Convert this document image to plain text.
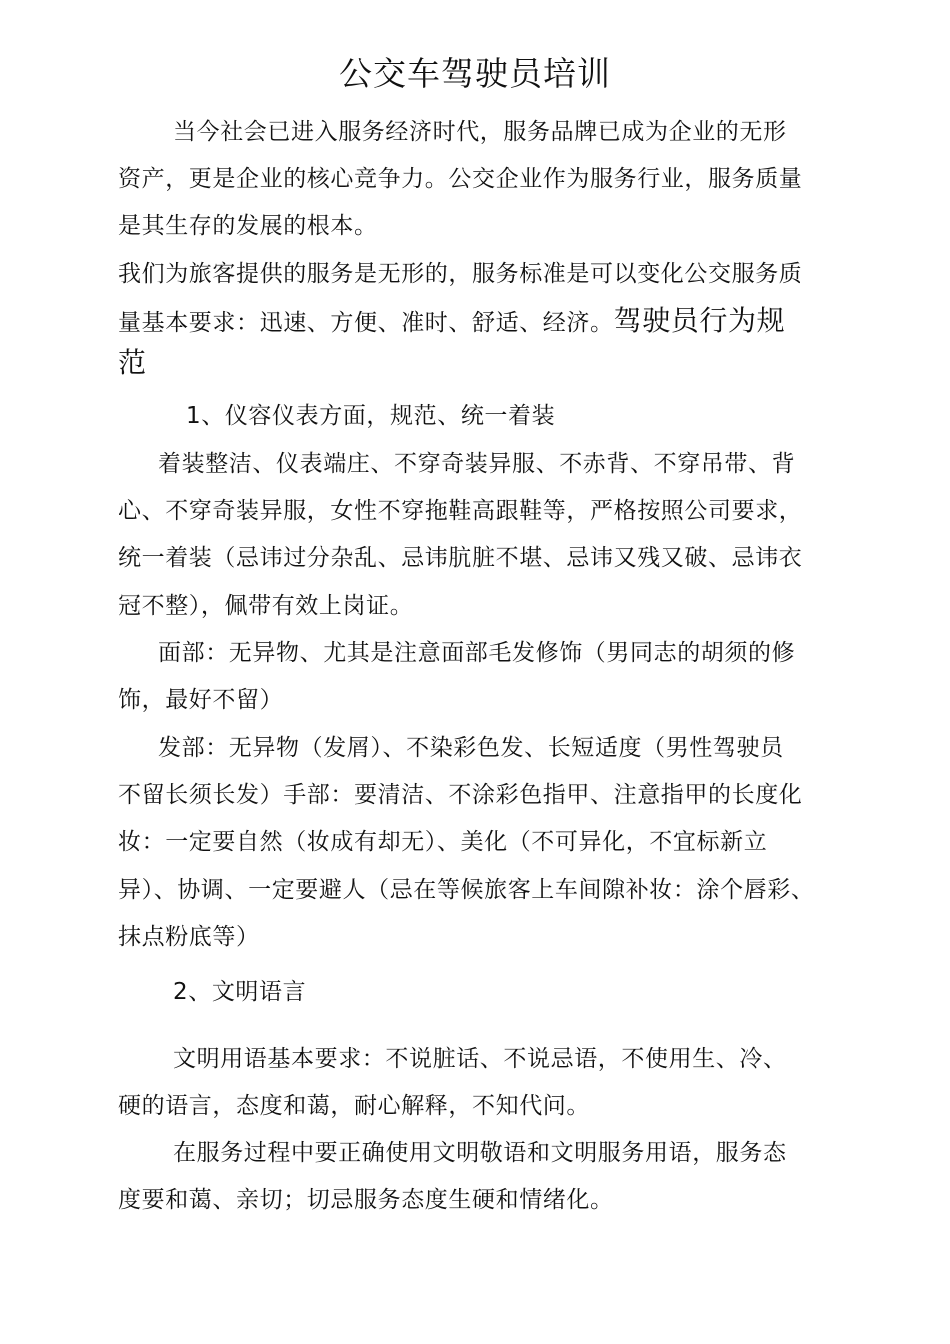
公交车驾驶员培训
当今社会已进入服务经济时代，服务品牌已成为企业的无形
资产，更是企业的核心竞争力。公交企业作为服务行业，服务质量
是其生存的发展的根本。
我们为旅客提供的服务是无形的，服务标准是可以变化公交服务质
量基本要求：迅速、方便、准时、舒适、经济。驾驶员行为规
范
1、仪容仪表方面，规范、统一着装
着装整洁、仪表端庄、不穿奇装异服、不赤背、不穿吊带、背
心、不穿奇装异服，女性不穿拖鞋高跟鞋等，严格按照公司要求，
统一着装（忌讳过分杂乱、忌讳肮脏不堪、忌讳又残又破、忌讳衣
冠不整），佩带有效上岗证。
面部：无异物、尤其是注意面部毛发修饰（男同志的胡须的修
饰，最好不留）
发部：无异物（发屑）、不染彩色发、长短适度（男性驾驶员
不留长须长发）手部：要清洁、不涂彩色指甲、注意指甲的长度化
妆：一定要自然（妆成有却无）、美化（不可异化，不宜标新立
异）、协调、一定要避人（忌在等候旅客上车间隙补妆：涂个唇彩、
抹点粉底等）
2、文明语言
文明用语基本要求：不说脏话、不说忌语，不使用生、冷、
硬的语言，态度和蔼，耐心解释，不知代问。
在服务过程中要正确使用文明敬语和文明服务用语，服务态
度要和蔼、亲切；切忌服务态度生硬和情绪化。
